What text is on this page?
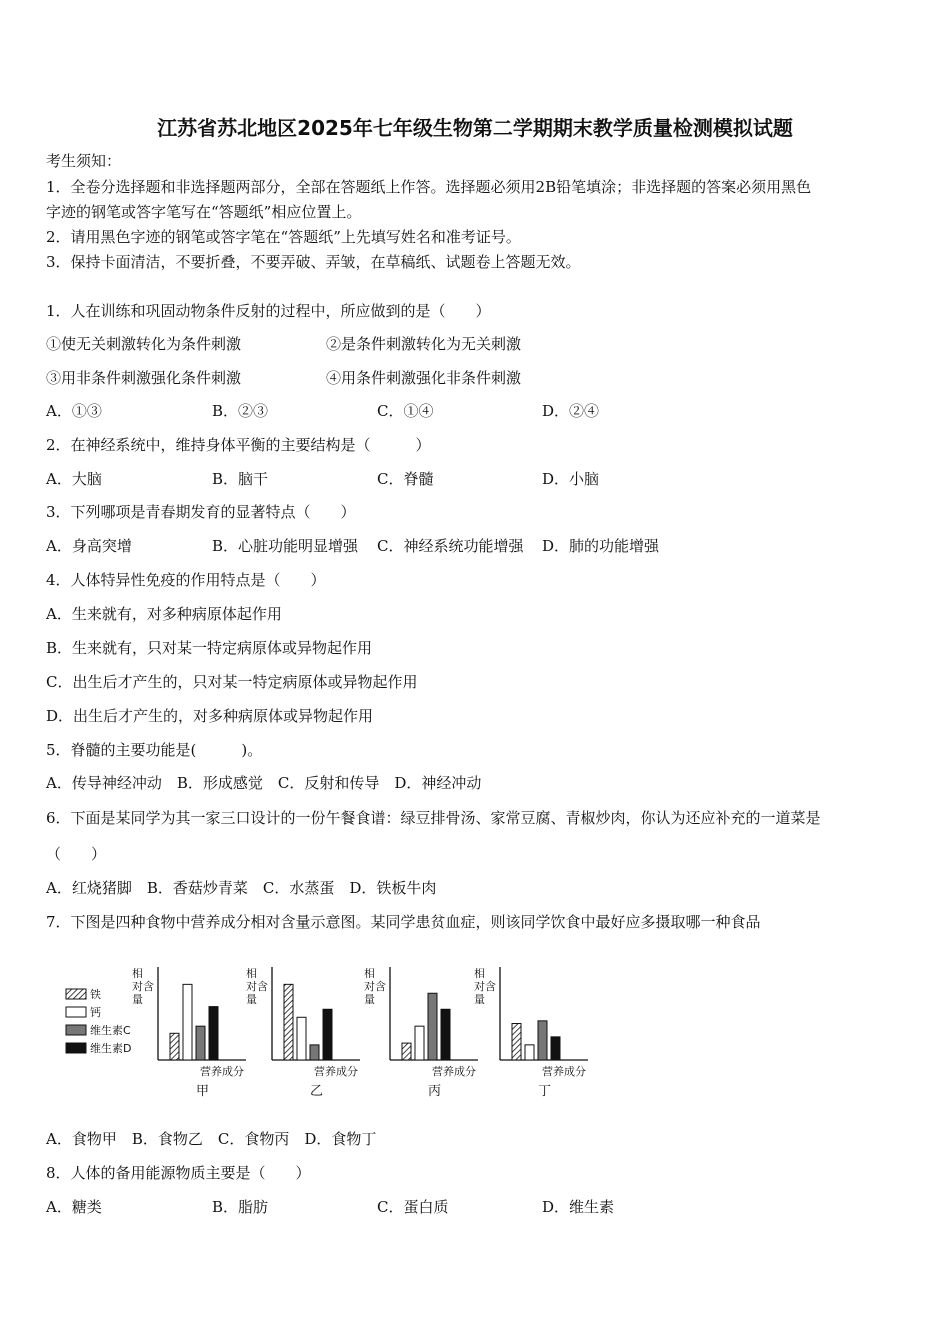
江苏省苏北地区2025年七年级生物第二学期期末教学质量检测模拟试题
考生须知：
1．全卷分选择题和非选择题两部分，全部在答题纸上作答。选择题必须用2B铅笔填涂；非选择题的答案必须用黑色
字迹的钢笔或答字笔写在“答题纸”相应位置上。
2．请用黑色字迹的钢笔或答字笔在“答题纸”上先填写姓名和准考证号。
3．保持卡面清洁，不要折叠，不要弄破、弄皱，在草稿纸、试题卷上答题无效。
1．人在训练和巩固动物条件反射的过程中，所应做到的是（　　）
①使无关刺激转化为条件刺激	②是条件刺激转化为无关刺激
③用非条件刺激强化条件刺激	④用条件刺激强化非条件刺激
A．①③	B．②③	C．①④	D．②④
2．在神经系统中，维持身体平衡的主要结构是（　　　）
A．大脑	B．脑干	C．脊髓	D．小脑
3．下列哪项是青春期发育的显著特点（　　）
A．身高突增	B．心脏功能明显增强 C．神经系统功能增强 D．肺的功能增强
4．人体特异性免疫的作用特点是（　　）
A．生来就有，对多种病原体起作用
B．生来就有，只对某一特定病原体或异物起作用
C．出生后才产生的，只对某一特定病原体或异物起作用
D．出生后才产生的，对多种病原体或异物起作用
5．脊髓的主要功能是(　　　)。
A．传导神经冲动　B．形成感觉　C．反射和传导　D．神经冲动
6．下面是某同学为其一家三口设计的一份午餐食谱：绿豆排骨汤、家常豆腐、青椒炒肉，你认为还应补充的一道菜是
（　　）
A．红烧猪脚　B．香菇炒青菜　C．水蒸蛋　D．铁板牛肉
7．下图是四种食物中营养成分相对含量示意图。某同学患贫血症，则该同学饮食中最好应多摄取哪一种食品
铁
钙
维生素C
维生素D
相
对含
量
营养成分
甲
相
对含
量
营养成分
乙
相
对含
量
营养成分
丙
相
对含
量
营养成分
丁
A．食物甲　B．食物乙　C．食物丙　D．食物丁
8．人体的备用能源物质主要是（　　）
A．糖类	B．脂肪	C．蛋白质	D．维生素
